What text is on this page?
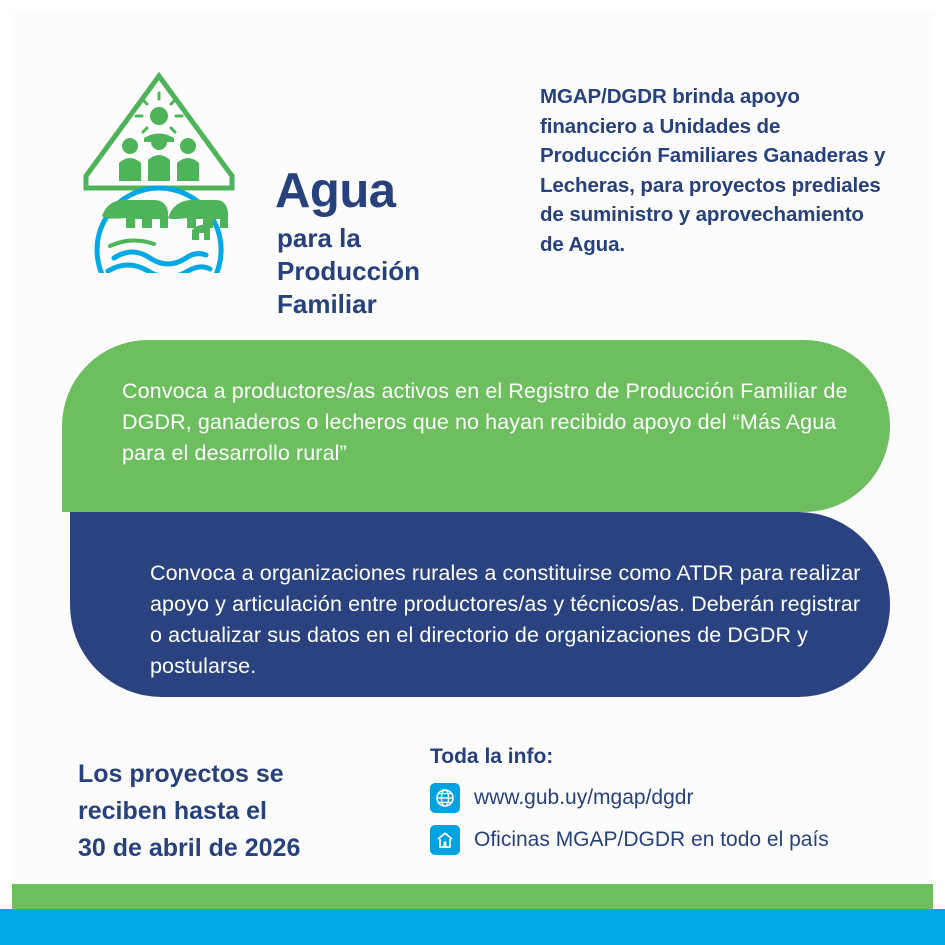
Agua
para la
Producción
Familiar
MGAP/DGDR brinda apoyo financiero a Unidades de Producción Familiares Ganaderas y Lecheras, para proyectos prediales de suministro y aprovechamiento de Agua.
Convoca a productores/as activos en el Registro de Producción Familiar de DGDR, ganaderos o lecheros que no hayan recibido apoyo del “Más Agua para el desarrollo rural”
Convoca a organizaciones rurales a constituirse como ATDR para realizar apoyo y articulación entre productores/as y técnicos/as. Deberán registrar o actualizar sus datos en el directorio de organizaciones de DGDR y postularse.
Los proyectos se
reciben hasta el
30 de abril de 2026
Toda la info:
www.gub.uy/mgap/dgdr
Oficinas MGAP/DGDR en todo el país
